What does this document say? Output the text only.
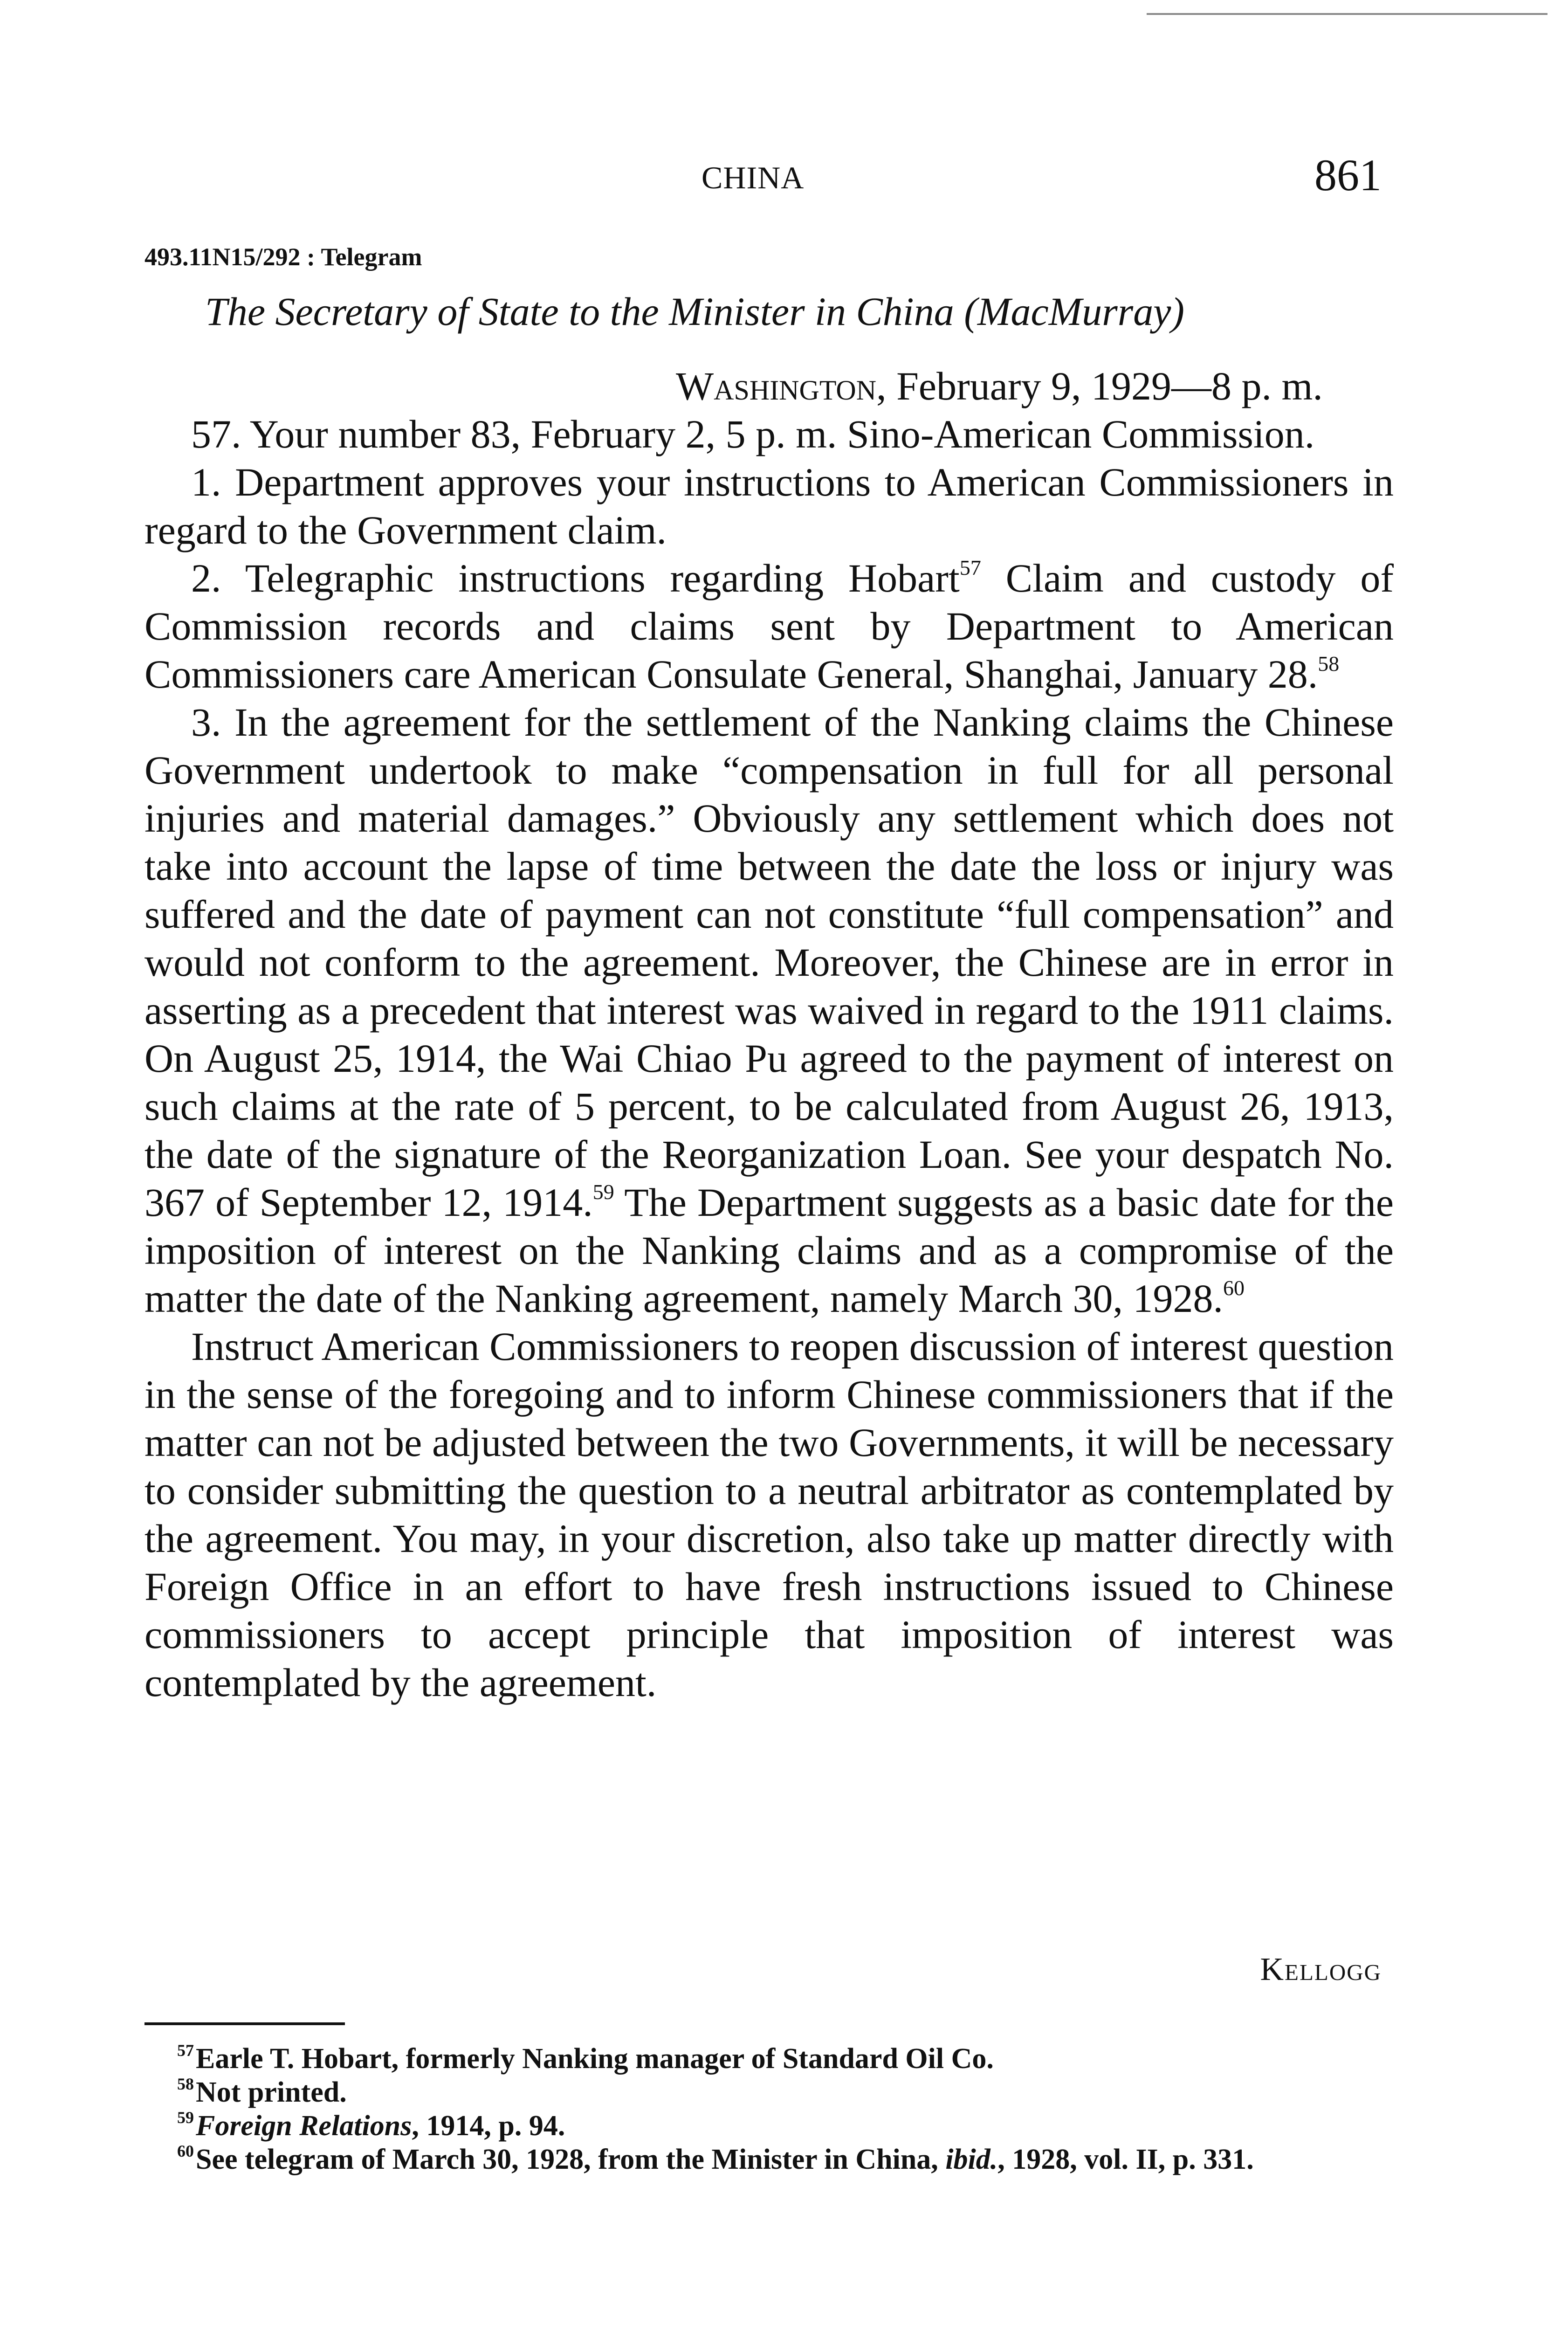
CHINA	861
493.11N15/292 : Telegram
The Secretary of State to the Minister in China (MacMurray)
Washington, February 9, 1929—8 p. m.

57. Your number 83, February 2, 5 p. m. Sino-American Commission.

1. Department approves your instructions to American Commissioners in regard to the Government claim.

2. Telegraphic instructions regarding Hobart$^{57}$ Claim and custody of Commission records and claims sent by Department to American Commissioners care American Consulate General, Shanghai, January 28.58

3. In the agreement for the settlement of the Nanking claims the Chinese Government undertook to make “compensation in full for all personal injuries and material damages.” Obviously any settlement which does not take into account the lapse of time between the date the loss or injury was suffered and the date of payment can not constitute “full compensation” and would not conform to the agreement. Moreover, the Chinese are in error in asserting as a precedent that interest was waived in regard to the 1911 claims. On August 25, 1914, the Wai Chiao Pu agreed to the payment of interest on such claims at the rate of 5 percent, to be calculated from August 26, 1913, the date of the signature of the Reorganization Loan. See your despatch No. 367 of September 12, 1914.59 The Department suggests as a basic date for the imposition of interest on the Nanking claims and as a compromise of the matter the date of the Nanking agreement, namely March 30, 1928.60

Instruct American Commissioners to reopen discussion of interest question in the sense of the foregoing and to inform Chinese commissioners that if the matter can not be adjusted between the two Governments, it will be necessary to consider submitting the question to a neutral arbitrator as contemplated by the agreement. You may, in your discretion, also take up matter directly with Foreign Office in an effort to have fresh instructions issued to Chinese commissioners to accept principle that imposition of interest was contemplated by the agreement.

Kellogg

$^{57}$Earle T. Hobart, formerly Nanking manager of Standard Oil Co.

$^{58}$Not printed.

$^{59}$Foreign Relations, 1914, p. 94.

$^{60}$See telegram of March 30, 1928, from the Minister in China, ibid., 1928, vol. II, p. 331.
